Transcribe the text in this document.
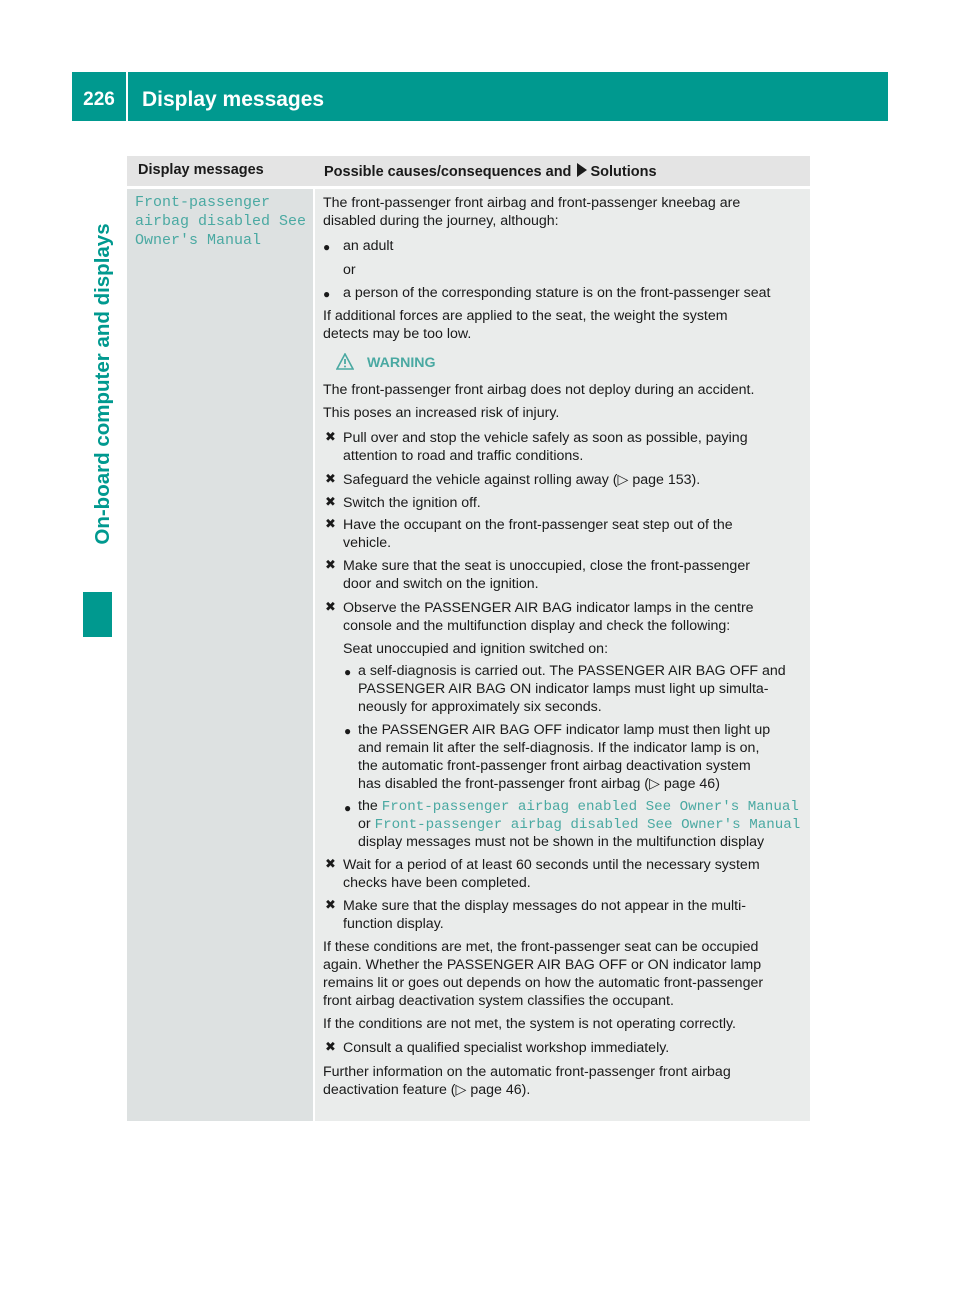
226	Display messages
On-board computer and displays
Display messages	Possible causes/consequences and Solutions
Front-passenger
airbag disabled See
Owner's Manual
The front-passenger front airbag and front-passenger kneebag are
disabled during the journey, although:
● an adult
or
● a person of the corresponding stature is on the front-passenger seat
If additional forces are applied to the seat, the weight the system
detects may be too low.
WARNING
The front-passenger front airbag does not deploy during an accident.
This poses an increased risk of injury.
✖ Pull over and stop the vehicle safely as soon as possible, paying
attention to road and traffic conditions.
✖ Safeguard the vehicle against rolling away (▷ page 153).
✖ Switch the ignition off.
✖ Have the occupant on the front-passenger seat step out of the
vehicle.
✖ Make sure that the seat is unoccupied, close the front-passenger
door and switch on the ignition.
✖ Observe the PASSENGER AIR BAG indicator lamps in the centre
console and the multifunction display and check the following:
Seat unoccupied and ignition switched on:
● a self-diagnosis is carried out. The PASSENGER AIR BAG OFF and
PASSENGER AIR BAG ON indicator lamps must light up simulta-
neously for approximately six seconds.
● the PASSENGER AIR BAG OFF indicator lamp must then light up
and remain lit after the self-diagnosis. If the indicator lamp is on,
the automatic front-passenger front airbag deactivation system
has disabled the front-passenger front airbag (▷ page 46)
● the Front-passenger airbag enabled See Owner's Manual
or Front-passenger airbag disabled See Owner's Manual
display messages must not be shown in the multifunction display
✖ Wait for a period of at least 60 seconds until the necessary system
checks have been completed.
✖ Make sure that the display messages do not appear in the multi-
function display.
If these conditions are met, the front-passenger seat can be occupied
again. Whether the PASSENGER AIR BAG OFF or ON indicator lamp
remains lit or goes out depends on how the automatic front-passenger
front airbag deactivation system classifies the occupant.
If the conditions are not met, the system is not operating correctly.
✖ Consult a qualified specialist workshop immediately.
Further information on the automatic front-passenger front airbag
deactivation feature (▷ page 46).
